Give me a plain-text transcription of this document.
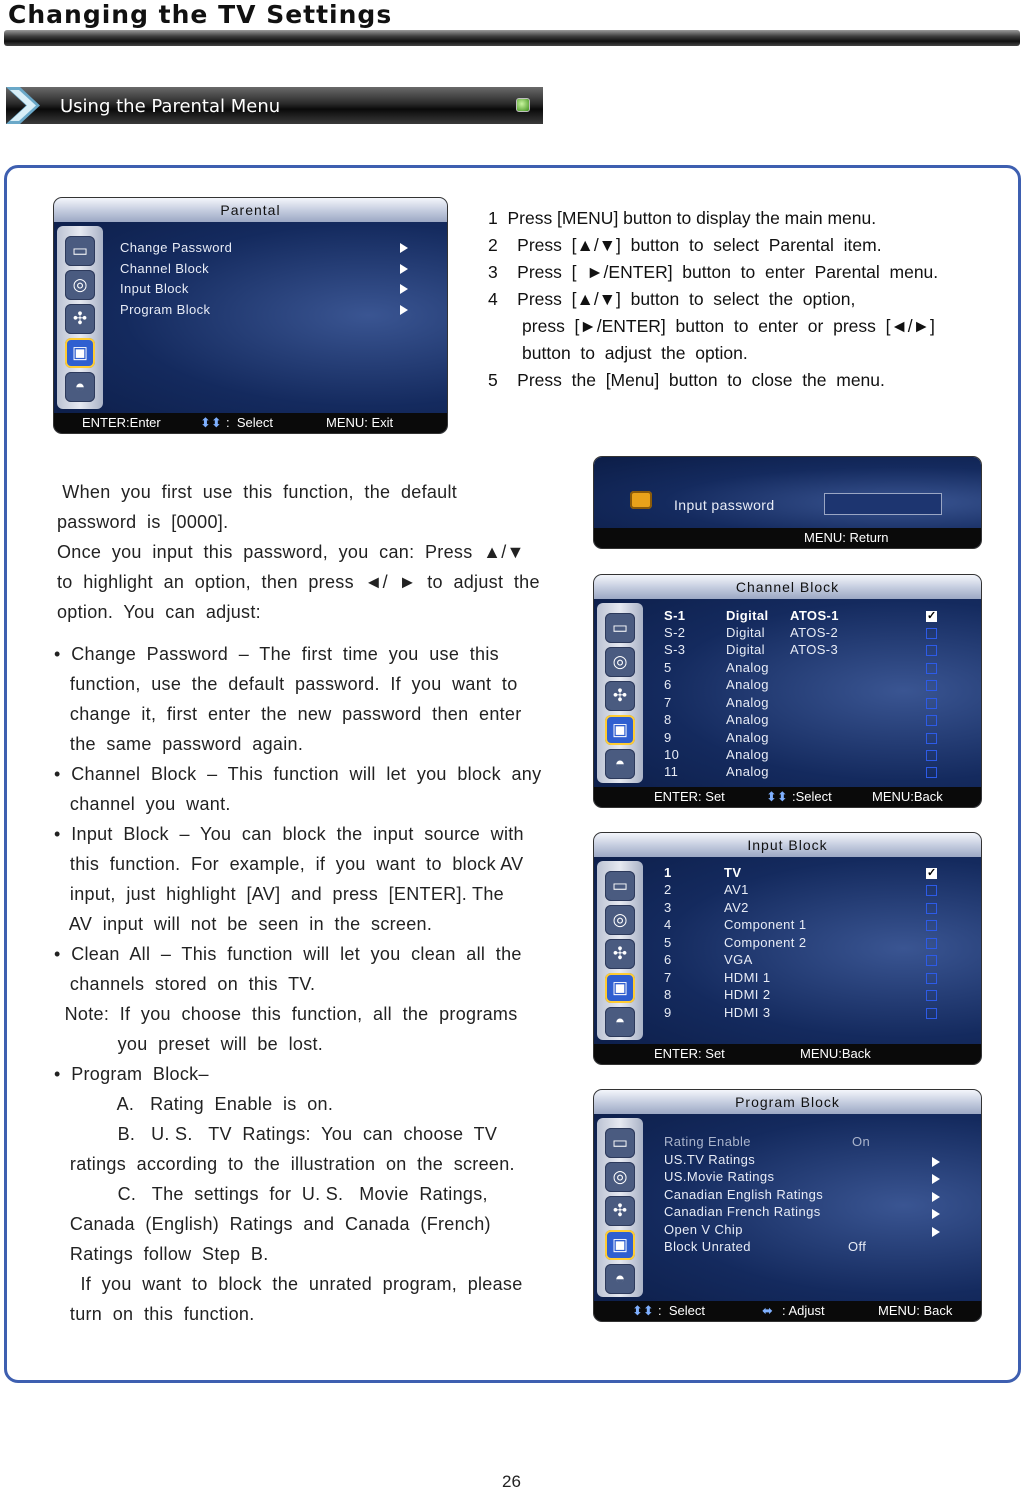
Changing the TV Settings
Using the Parental Menu
Parental
▭
◎
✣
▣
◓
Change Password
Channel Block
Input Block
Program Block
ENTER:Enter	⬍⬍ :  Select	MENU: Exit
1  Press [MENU] button to display the main menu.
2    Press  [▲/▼]  button  to  select  Parental  item.
3    Press  [  ►/ENTER]  button  to  enter  Parental  menu.
4    Press  [▲/▼]  button  to  select  the  option,
press  [►/ENTER]  button  to  enter  or  press  [◄/►]
button  to  adjust  the  option.
5    Press  the  [Menu]  button  to  close  the  menu.
Input password
MENU: Return
Channel Block
▭
◎
✣
▣
◓
S-1	Digital ATOS-1	✓
S-2	Digital ATOS-2
S-3	Digital ATOS-3
5	Analog
6	Analog
7	Analog
8	Analog
9	Analog
10	Analog
11	Analog
ENTER: Set	⬍⬍ :Select	MENU:Back
Input Block
▭
◎
✣
▣
◓
1	TV	✓
2	AV1
3	AV2
4	Component 1
5	Component 2
6	VGA
7	HDMI 1
8	HDMI 2
9	HDMI 3
ENTER: Set	MENU:Back
Program Block
▭
◎
✣
▣
◓
Rating Enable	On
US.TV Ratings
US.Movie Ratings
Canadian English Ratings
Canadian French Ratings
Open V Chip
Block Unrated	Off
⬍⬍ :  Select	⬌ : Adjust	MENU: Back
When  you  first  use  this  function,  the  default
password  is  [0000].
Once  you  input  this  password,  you  can:  Press  ▲/▼
to  highlight  an  option,  then  press  ◄/  ►  to  adjust  the
option.  You  can  adjust:
•  Change  Password  –  The  first  time  you  use  this
function,  use  the  default  password.  If  you  want  to
change  it,  first  enter  the  new  password  then  enter
the  same  password  again.
•  Channel  Block  –  This  function  will  let  you  block  any
channel  you  want.
•  Input  Block  –  You  can  block  the  input  source  with
this  function.  For  example,  if  you  want  to  block AV
input,  just  highlight  [AV]  and  press  [ENTER]. The
AV  input  will  not  be  seen  in  the  screen.
•  Clean  All  –  This  function  will  let  you  clean  all  the
channels  stored  on  this  TV.
Note:  If  you  choose  this  function,  all  the  programs
you  preset  will  be  lost.
•  Program  Block–
A.   Rating  Enable  is  on.
B.   U. S.   TV  Ratings:  You  can  choose  TV
ratings  according  to  the  illustration  on  the  screen.
C.   The  settings  for  U. S.   Movie  Ratings,
Canada  (English)  Ratings  and  Canada  (French)
Ratings  follow  Step  B.
If  you  want  to  block  the  unrated  program,  please
turn  on  this  function.
26
